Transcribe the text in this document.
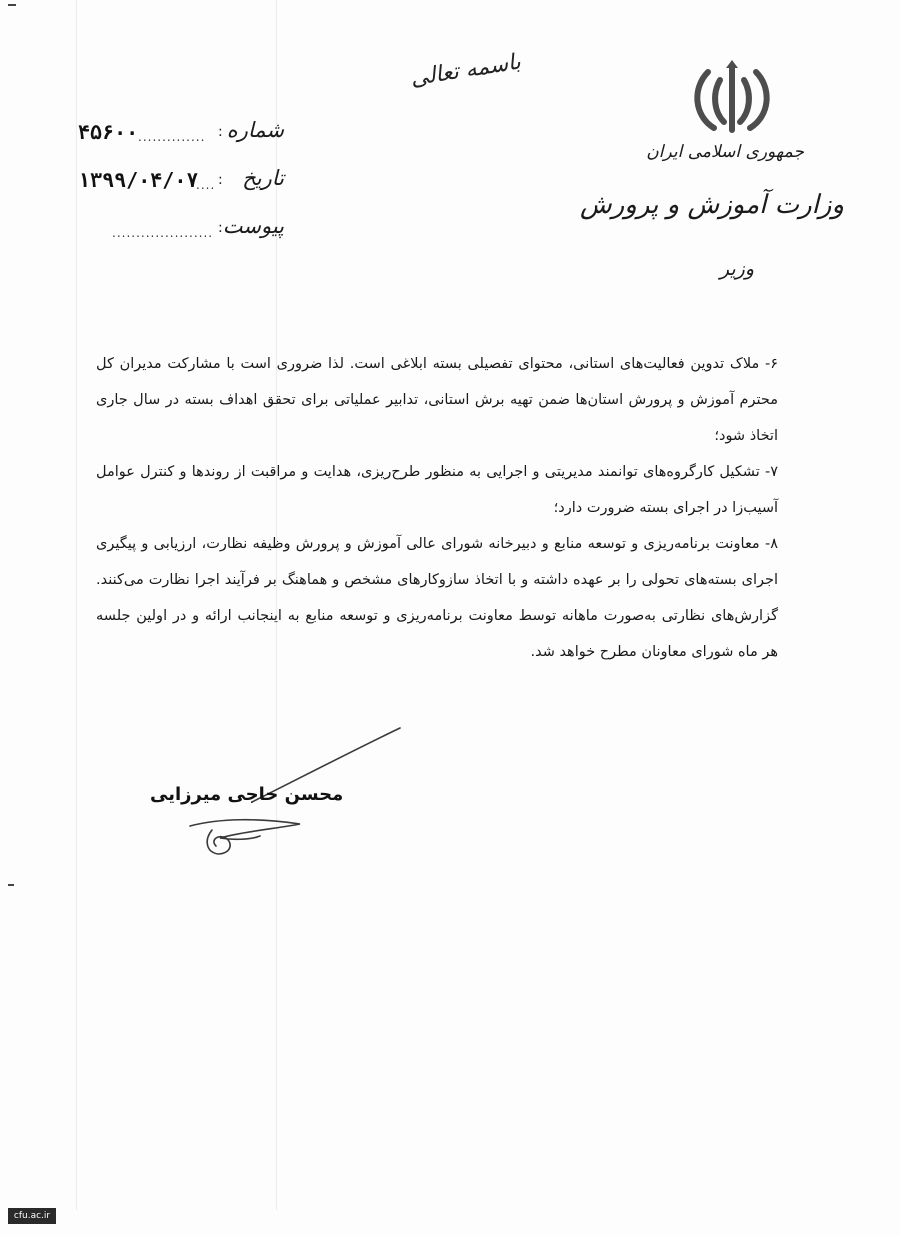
جمهوری اسلامی ایران
وزارت آموزش و پرورش
وزیر
باسمه تعالی
شماره
:
..............
۴۵۶۰۰
تاریخ
:
....
۱۳۹۹/۰۴/۰۷
پیوست
:
.....................

۶- ملاک تدوین فعالیت‌های استانی، محتوای تفصیلی بسته ابلاغی است. لذا ضروری است با مشارکت مدیران کل محترم آموزش و پرورش استان‌ها ضمن تهیه برش استانی، تدابیر عملیاتی برای تحقق اهداف بسته در سال جاری اتخاذ شود؛

۷- تشکیل کارگروه‌های توانمند مدیریتی و اجرایی به منظور طرح‌ریزی، هدایت و مراقبت از روندها و کنترل عوامل آسیب‌زا در اجرای بسته ضرورت دارد؛

۸- معاونت برنامه‌ریزی و توسعه منابع و دبیرخانه شورای عالی آموزش و پرورش وظیفه نظارت، ارزیابی و پیگیری اجرای بسته‌های تحولی را بر عهده داشته و با اتخاذ سازوکارهای مشخص و هماهنگ بر فرآیند اجرا نظارت می‌کنند. گزارش‌های نظارتی به‌صورت ماهانه توسط معاونت برنامه‌ریزی و توسعه منابع به اینجانب ارائه و در اولین جلسه هر ماه شورای معاونان مطرح خواهد شد.

محسن حاجی میرزایی
cfu.ac.ir
